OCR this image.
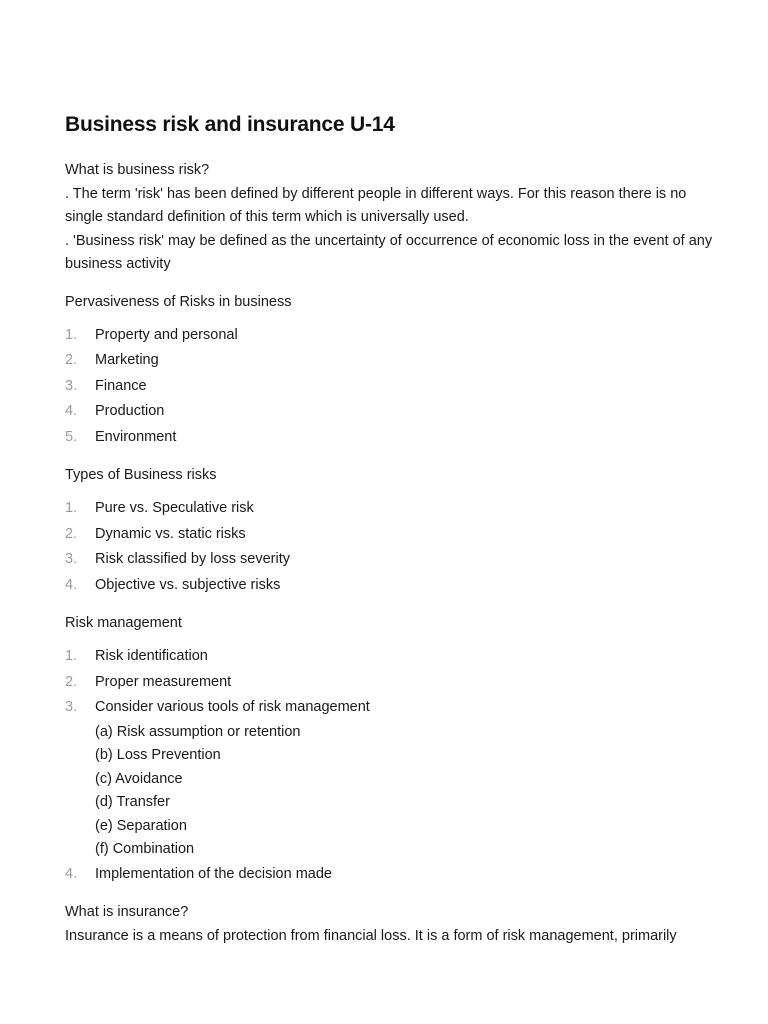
Business risk and insurance U-14
What is business risk?
. The term 'risk' has been defined by different people in different ways. For this reason there is no single standard definition of this term which is universally used.
. 'Business risk' may be defined as the uncertainty of occurrence of economic loss in the event of any business activity
Pervasiveness of Risks in business
1.	Property and personal
2.	Marketing
3.	Finance
4.	Production
5.	Environment
Types of Business risks
1.	Pure vs. Speculative risk
2.	Dynamic vs. static risks
3.	Risk classified by loss severity
4.	Objective vs. subjective risks
Risk management
1.	Risk identification
2.	Proper measurement
3.	Consider various tools of risk management
(a) Risk assumption or retention
(b) Loss Prevention
(c) Avoidance
(d) Transfer
(e) Separation
(f) Combination
4.	Implementation of the decision made
What is insurance?
Insurance is a means of protection from financial loss. It is a form of risk management, primarily
